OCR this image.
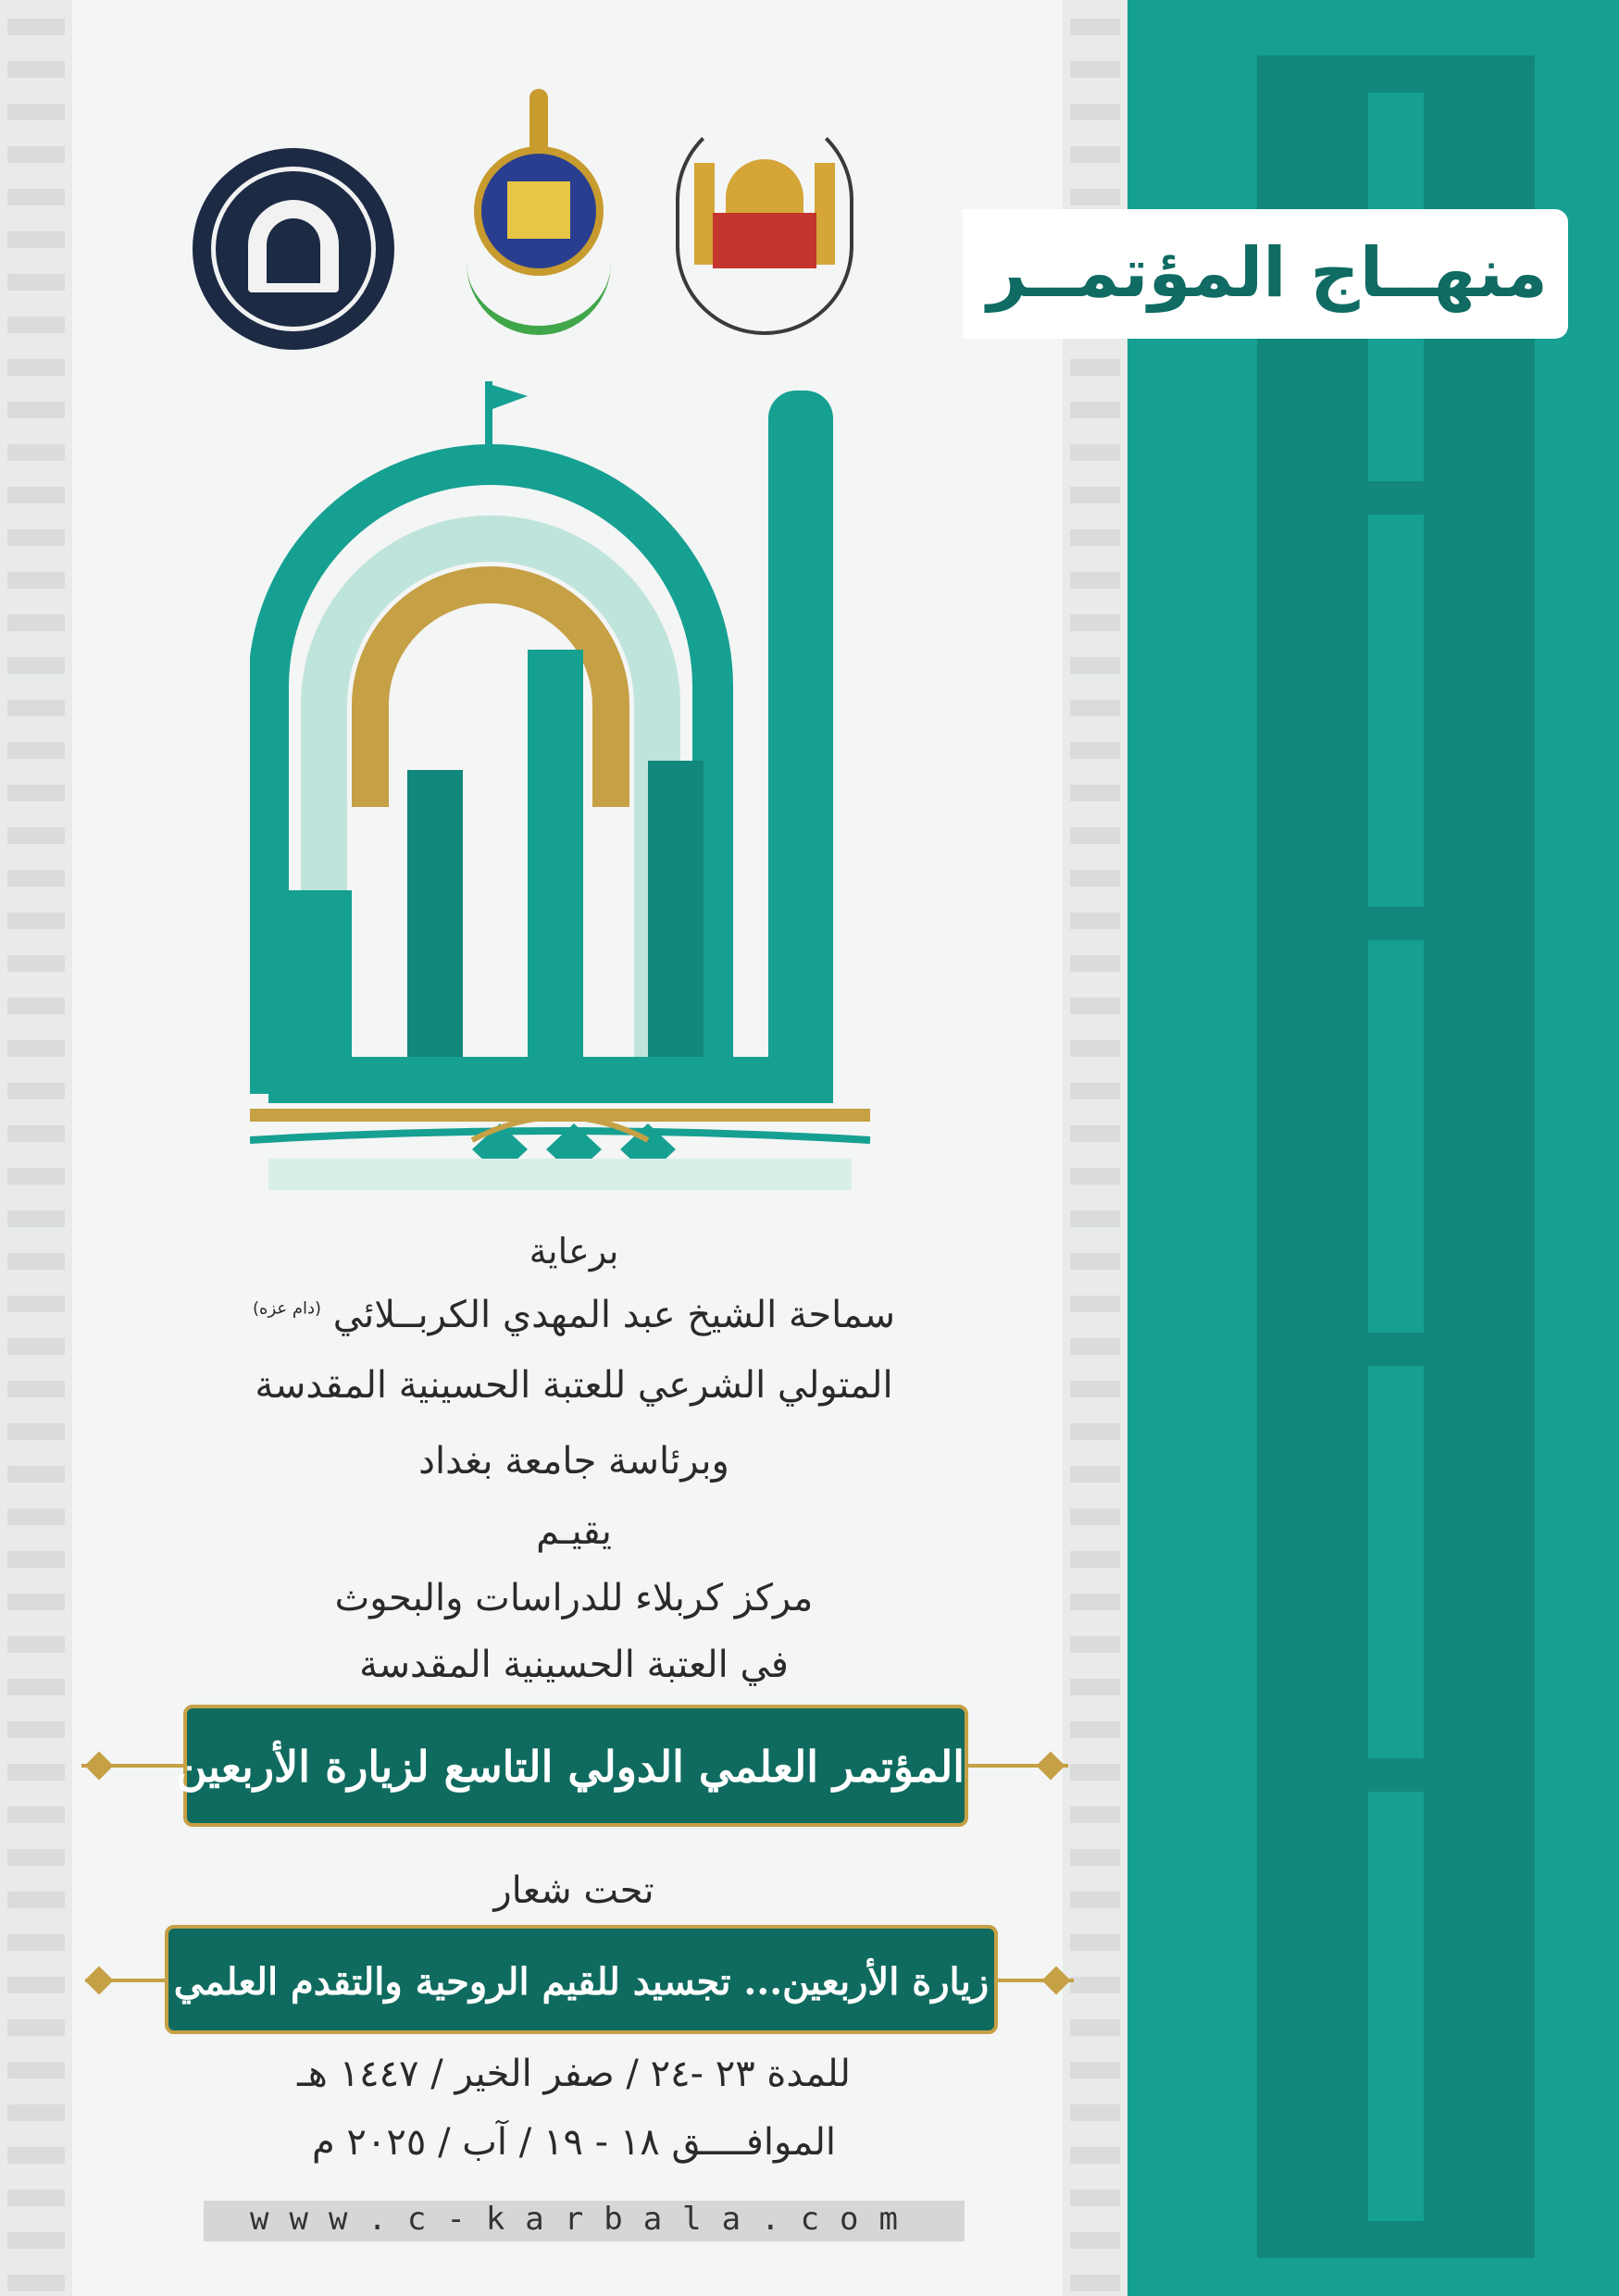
منهــاج المؤتمــر
برعاية
سماحة الشيخ عبد المهدي الكربــلائي $^{(دام عزه)}$
المتولي الشرعي للعتبة الحسينية المقدسة
وبرئاسة جامعة بغداد
يقيـم
مركز كربلاء للدراسات والبحوث
في العتبة الحسينية المقدسة
المؤتمر العلمي الدولي التاسع لزيارة الأربعين
تحت شعار
زيارة الأربعين... تجسيد للقيم الروحية والتقدم العلمي
للمدة ٢٣ -٢٤ / صفر الخير / ١٤٤٧ هـ
الموافــــق ١٨ - ١٩ / آب / ٢٠٢٥ م
www.c-karbala.com
